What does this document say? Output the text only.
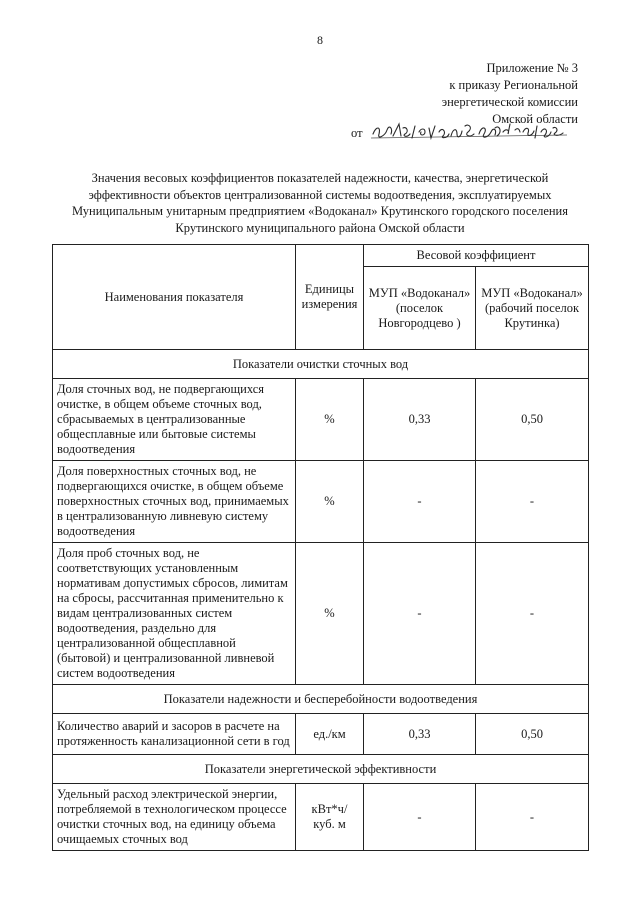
8
Приложение № 3
к приказу Региональной
энергетической комиссии
Омской области
от
Значения весовых коэффициентов показателей надежности, качества, энергетической эффективности объектов централизованной системы водоотведения, эксплуатируемых Муниципальным унитарным предприятием «Водоканал» Крутинского городского поселения Крутинского муниципального района Омской области
Наименования показателя	Единицы измерения	Весовой коэффициент	
		МУП «Водоканал» (поселок Новгородцево )	МУП «Водоканал» (рабочий поселок Крутинка)
Показатели очистки сточных вод			
Доля сточных вод, не подвергающихся очистке, в общем объеме сточных вод, сбрасываемых в централизованные общесплавные или бытовые системы водоотведения	%	0,33	0,50
Доля поверхностных сточных вод, не подвергающихся очистке, в общем объеме поверхностных сточных вод, принимаемых в централизованную ливневую систему водоотведения	%	-	-
Доля проб сточных вод, не соответствующих установленным нормативам допустимых сбросов, лимитам на сбросы, рассчитанная применительно к видам централизованных систем водоотведения, раздельно для централизованной общесплавной (бытовой) и централизованной ливневой систем водоотведения	%	-	-
Показатели надежности и бесперебойности водоотведения			
Количество аварий и засоров в расчете на протяженность канализационной сети в год	ед./км	0,33	0,50
Показатели энергетической эффективности			
Удельный расход электрической энергии, потребляемой в технологическом процессе очистки сточных вод, на единицу объема очищаемых сточных вод	кВт*ч/ куб. м	-	-
